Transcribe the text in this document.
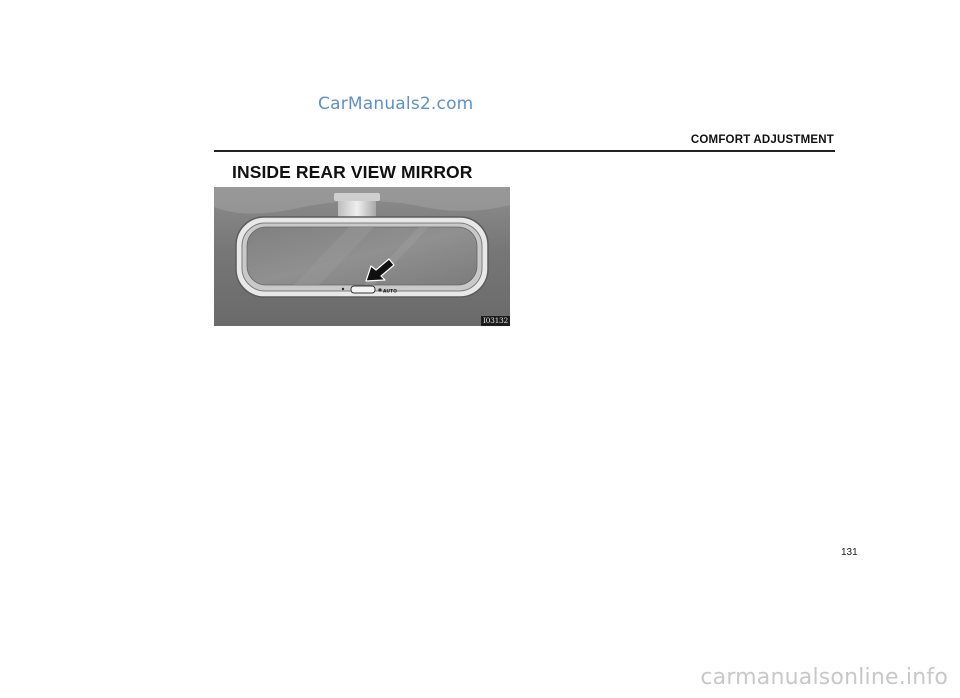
CarManuals2.com
COMFORT ADJUSTMENT
INSIDE REAR VIEW MIRROR
AUTO
I03132
131
carmanualsonline.info
